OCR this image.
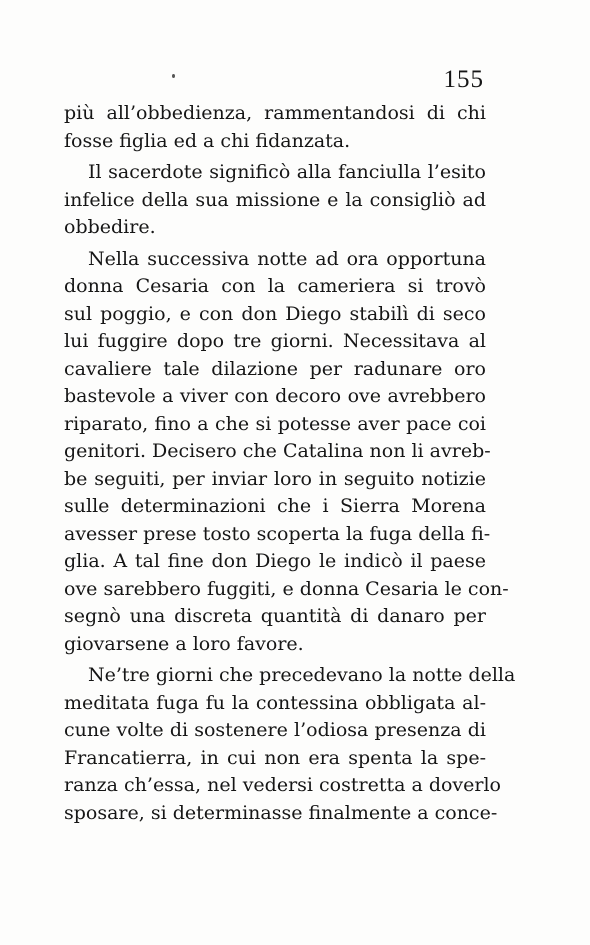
155
più all’obbedienza, rammentandosi di chi
fosse figlia ed a chi fidanzata.
Il sacerdote significò alla fanciulla l’esito
infelice della sua missione e la consigliò ad
obbedire.
Nella successiva notte ad ora opportuna
donna Cesaria con la cameriera si trovò
sul poggio, e con don Diego stabilì di seco
lui fuggire dopo tre giorni. Necessitava al
cavaliere tale dilazione per radunare oro
bastevole a viver con decoro ove avrebbero
riparato, fino a che si potesse aver pace coi
genitori. Decisero che Catalina non li avreb-
be seguiti, per inviar loro in seguito notizie
sulle determinazioni che i Sierra Morena
avesser prese tosto scoperta la fuga della fi-
glia. A tal fine don Diego le indicò il paese
ove sarebbero fuggiti, e donna Cesaria le con-
segnò una discreta quantità di danaro per
giovarsene a loro favore.
Ne’tre giorni che precedevano la notte della
meditata fuga fu la contessina obbligata al-
cune volte di sostenere l’odiosa presenza di
Francatierra, in cui non era spenta la spe-
ranza ch’essa, nel vedersi costretta a doverlo
sposare, si determinasse finalmente a conce-
